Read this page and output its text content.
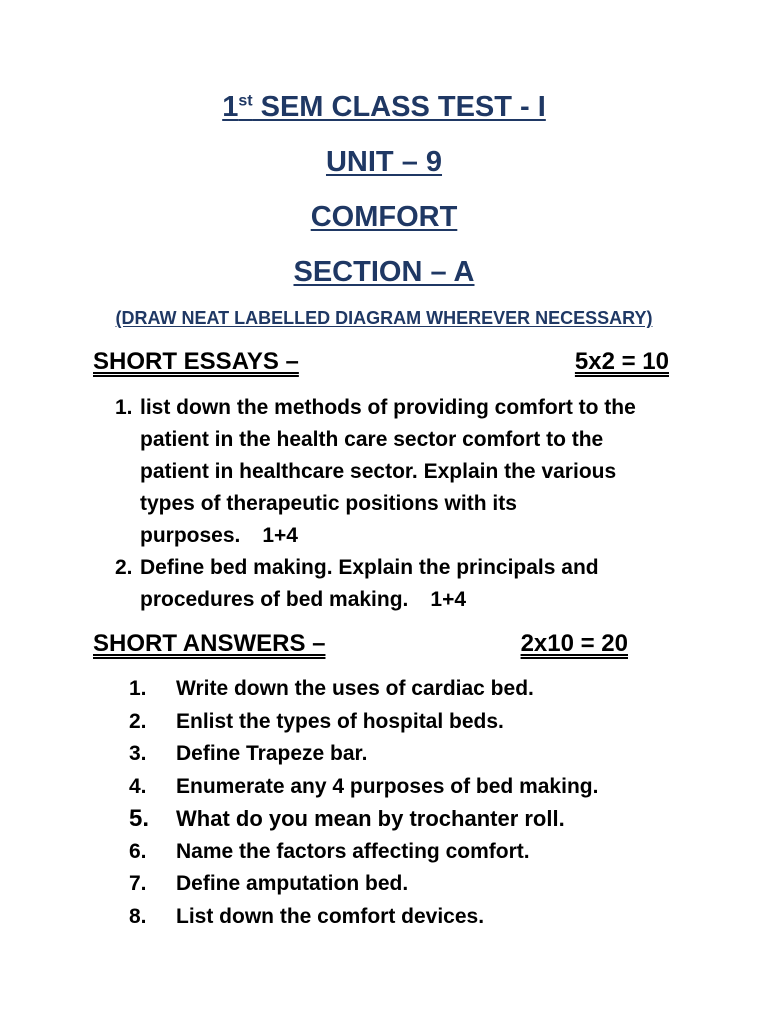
1st SEM CLASS TEST - I
UNIT – 9
COMFORT
SECTION – A
(DRAW NEAT LABELLED DIAGRAM WHEREVER NECESSARY)
SHORT ESSAYS –	5x2 = 10
1. list down the methods of providing comfort to the patient in the health care sector comfort to the patient in healthcare sector. Explain the various types of therapeutic positions with its purposes. 1+4
2. Define bed making. Explain the principals and procedures of bed making. 1+4
SHORT ANSWERS –	2x10 = 20
1.	Write down the uses of cardiac bed.
2.	Enlist the types of hospital beds.
3.	Define Trapeze bar.
4.	Enumerate any 4 purposes of bed making.
5.	What do you mean by trochanter roll.
6.	Name the factors affecting comfort.
7.	Define amputation bed.
8.	List down the comfort devices.
